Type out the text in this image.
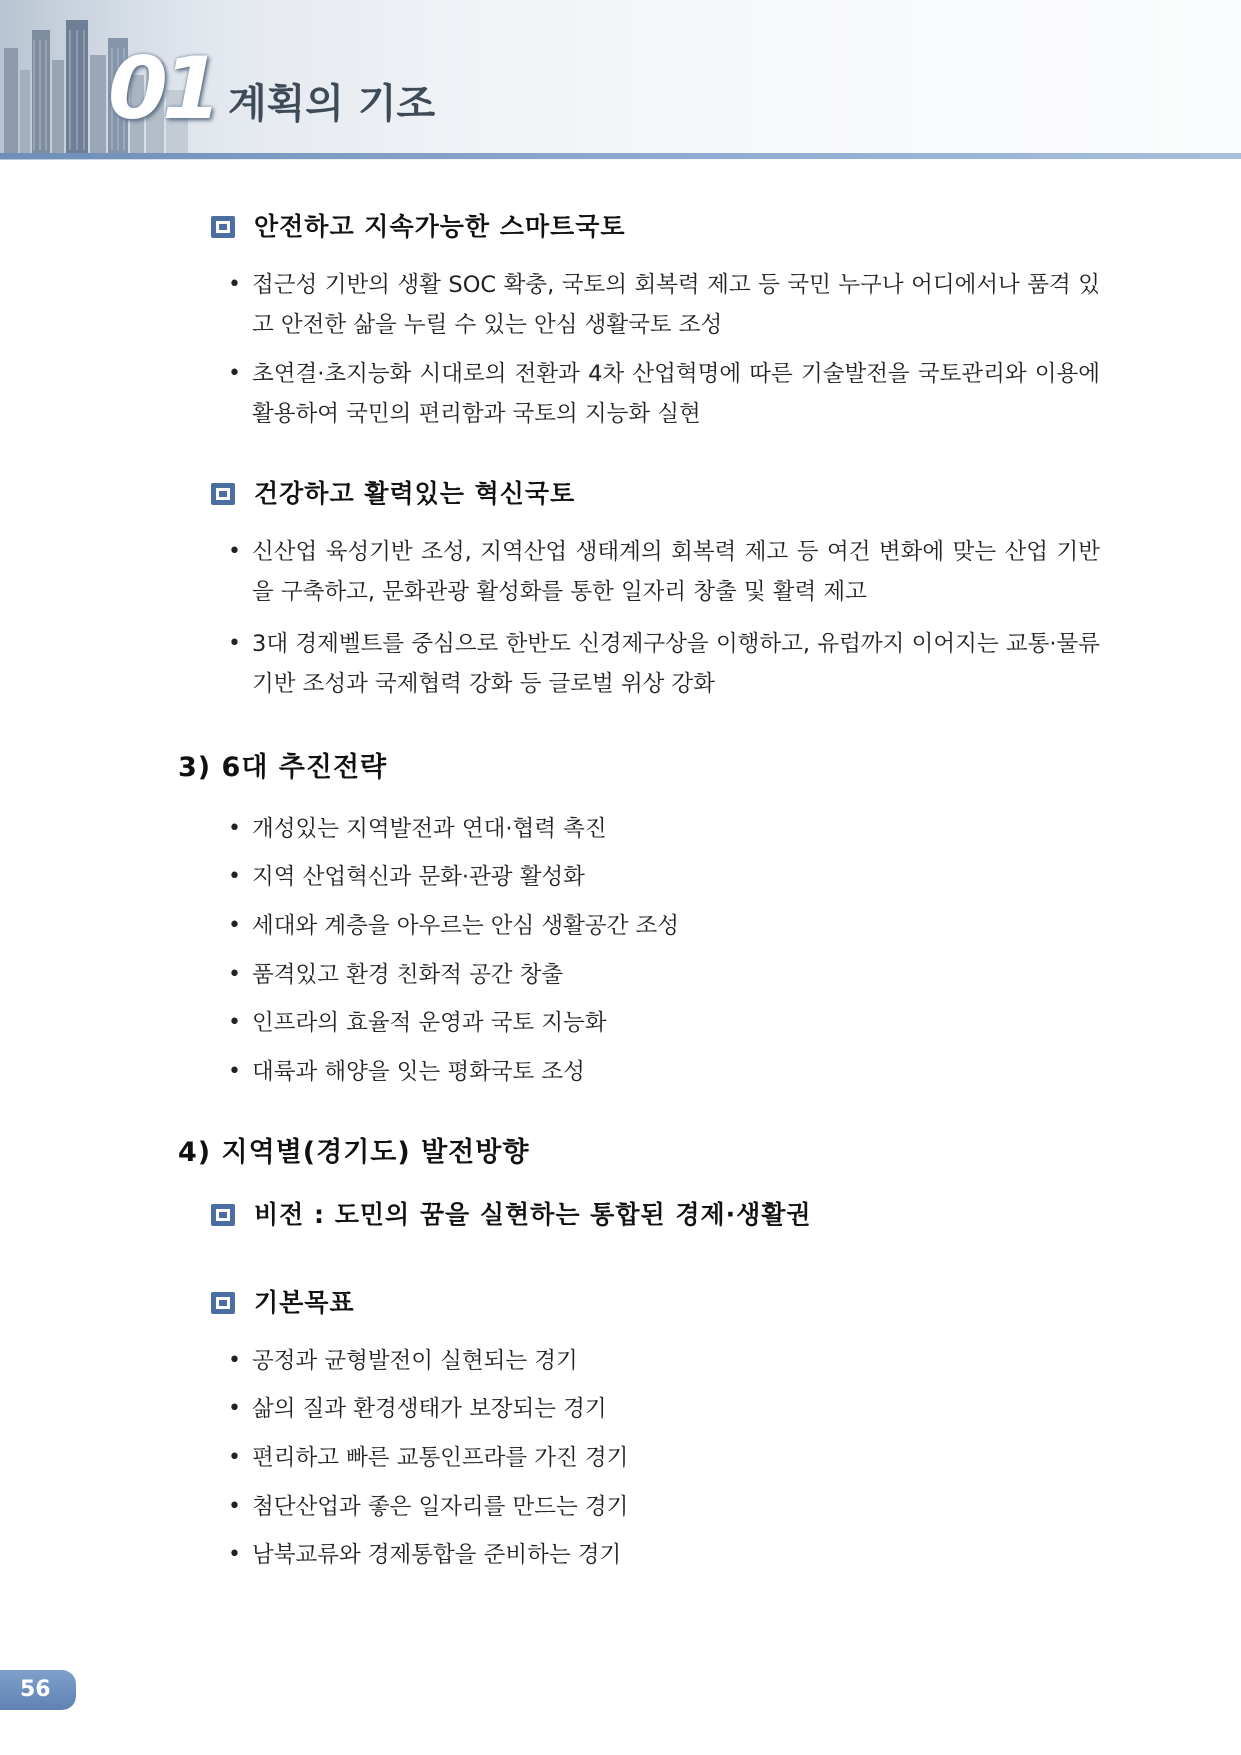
01 계획의 기조
안전하고 지속가능한 스마트국토
• 접근성 기반의 생활 SOC 확충, 국토의 회복력 제고 등 국민 누구나 어디에서나 품격 있고 안전한 삶을 누릴 수 있는 안심 생활국토 조성
• 초연결·초지능화 시대로의 전환과 4차 산업혁명에 따른 기술발전을 국토관리와 이용에 활용하여 국민의 편리함과 국토의 지능화 실현
건강하고 활력있는 혁신국토
• 신산업 육성기반 조성, 지역산업 생태계의 회복력 제고 등 여건 변화에 맞는 산업 기반을 구축하고, 문화관광 활성화를 통한 일자리 창출 및 활력 제고
• 3대 경제벨트를 중심으로 한반도 신경제구상을 이행하고, 유럽까지 이어지는 교통·물류기반 조성과 국제협력 강화 등 글로벌 위상 강화
3) 6대 추진전략
• 개성있는 지역발전과 연대·협력 촉진
• 지역 산업혁신과 문화·관광 활성화
• 세대와 계층을 아우르는 안심 생활공간 조성
• 품격있고 환경 친화적 공간 창출
• 인프라의 효율적 운영과 국토 지능화
• 대륙과 해양을 잇는 평화국토 조성
4) 지역별(경기도) 발전방향
비전 : 도민의 꿈을 실현하는 통합된 경제·생활권
기본목표
• 공정과 균형발전이 실현되는 경기
• 삶의 질과 환경생태가 보장되는 경기
• 편리하고 빠른 교통인프라를 가진 경기
• 첨단산업과 좋은 일자리를 만드는 경기
• 남북교류와 경제통합을 준비하는 경기
56
